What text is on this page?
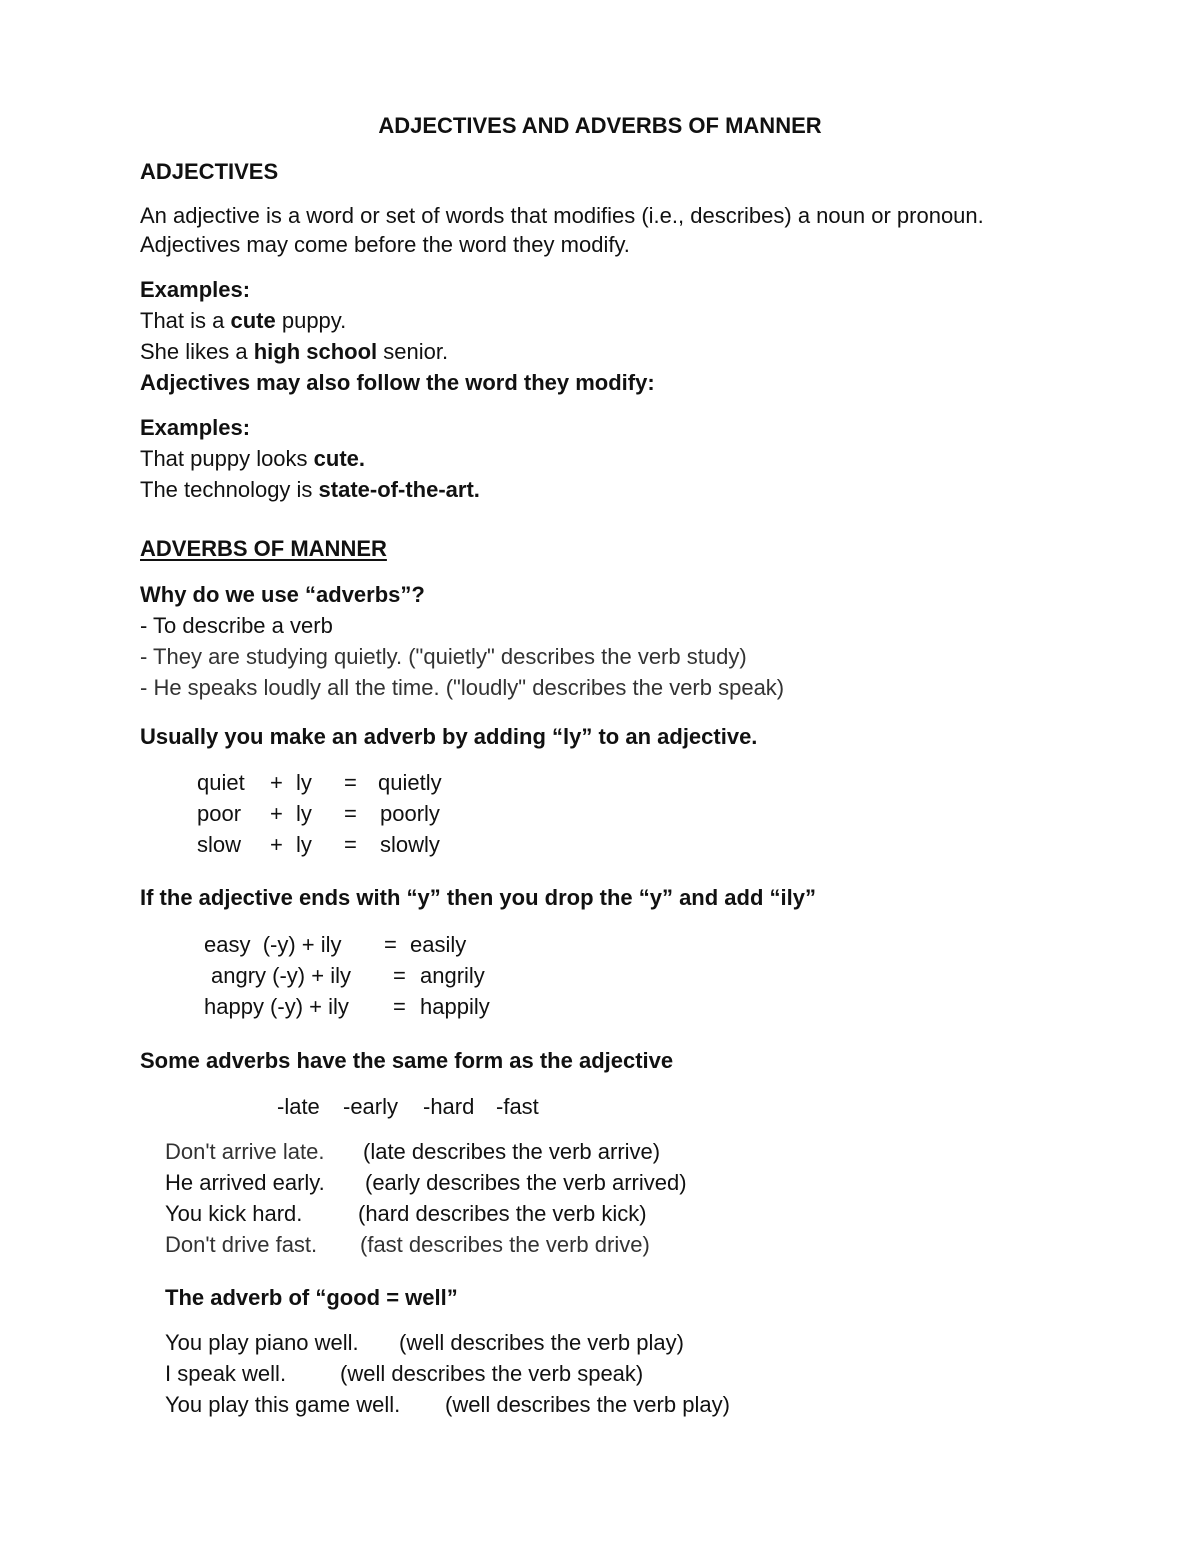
ADJECTIVES AND ADVERBS OF MANNER
ADJECTIVES
An adjective is a word or set of words that modifies (i.e., describes) a noun or pronoun.
Adjectives may come before the word they modify.
Examples:
That is a cute puppy.
She likes a high school senior.
Adjectives may also follow the word they modify:
Examples:
That puppy looks cute.
The technology is state-of-the-art.
ADVERBS OF MANNER
Why do we use “adverbs”?
- To describe a verb
- They are studying quietly. ("quietly" describes the verb study)
- He speaks loudly all the time. ("loudly" describes the verb speak)
Usually you make an adverb by adding “ly” to an adjective.
quiet + ly = quietly
poor + ly = poorly
slow + ly = slowly
If the adjective ends with “y” then you drop the “y” and add “ily”
easy  (-y) + ily = easily
angry (-y) + ily = angrily
happy (-y) + ily = happily
Some adverbs have the same form as the adjective
-late -early -hard -fast
Don't arrive late. (late describes the verb arrive)
He arrived early. (early describes the verb arrived)
You kick hard.	(hard describes the verb kick)
Don't drive fast. (fast describes the verb drive)
The adverb of “good = well”
You play piano well. (well describes the verb play)
I speak well. (well describes the verb speak)
You play this game well. (well describes the verb play)
